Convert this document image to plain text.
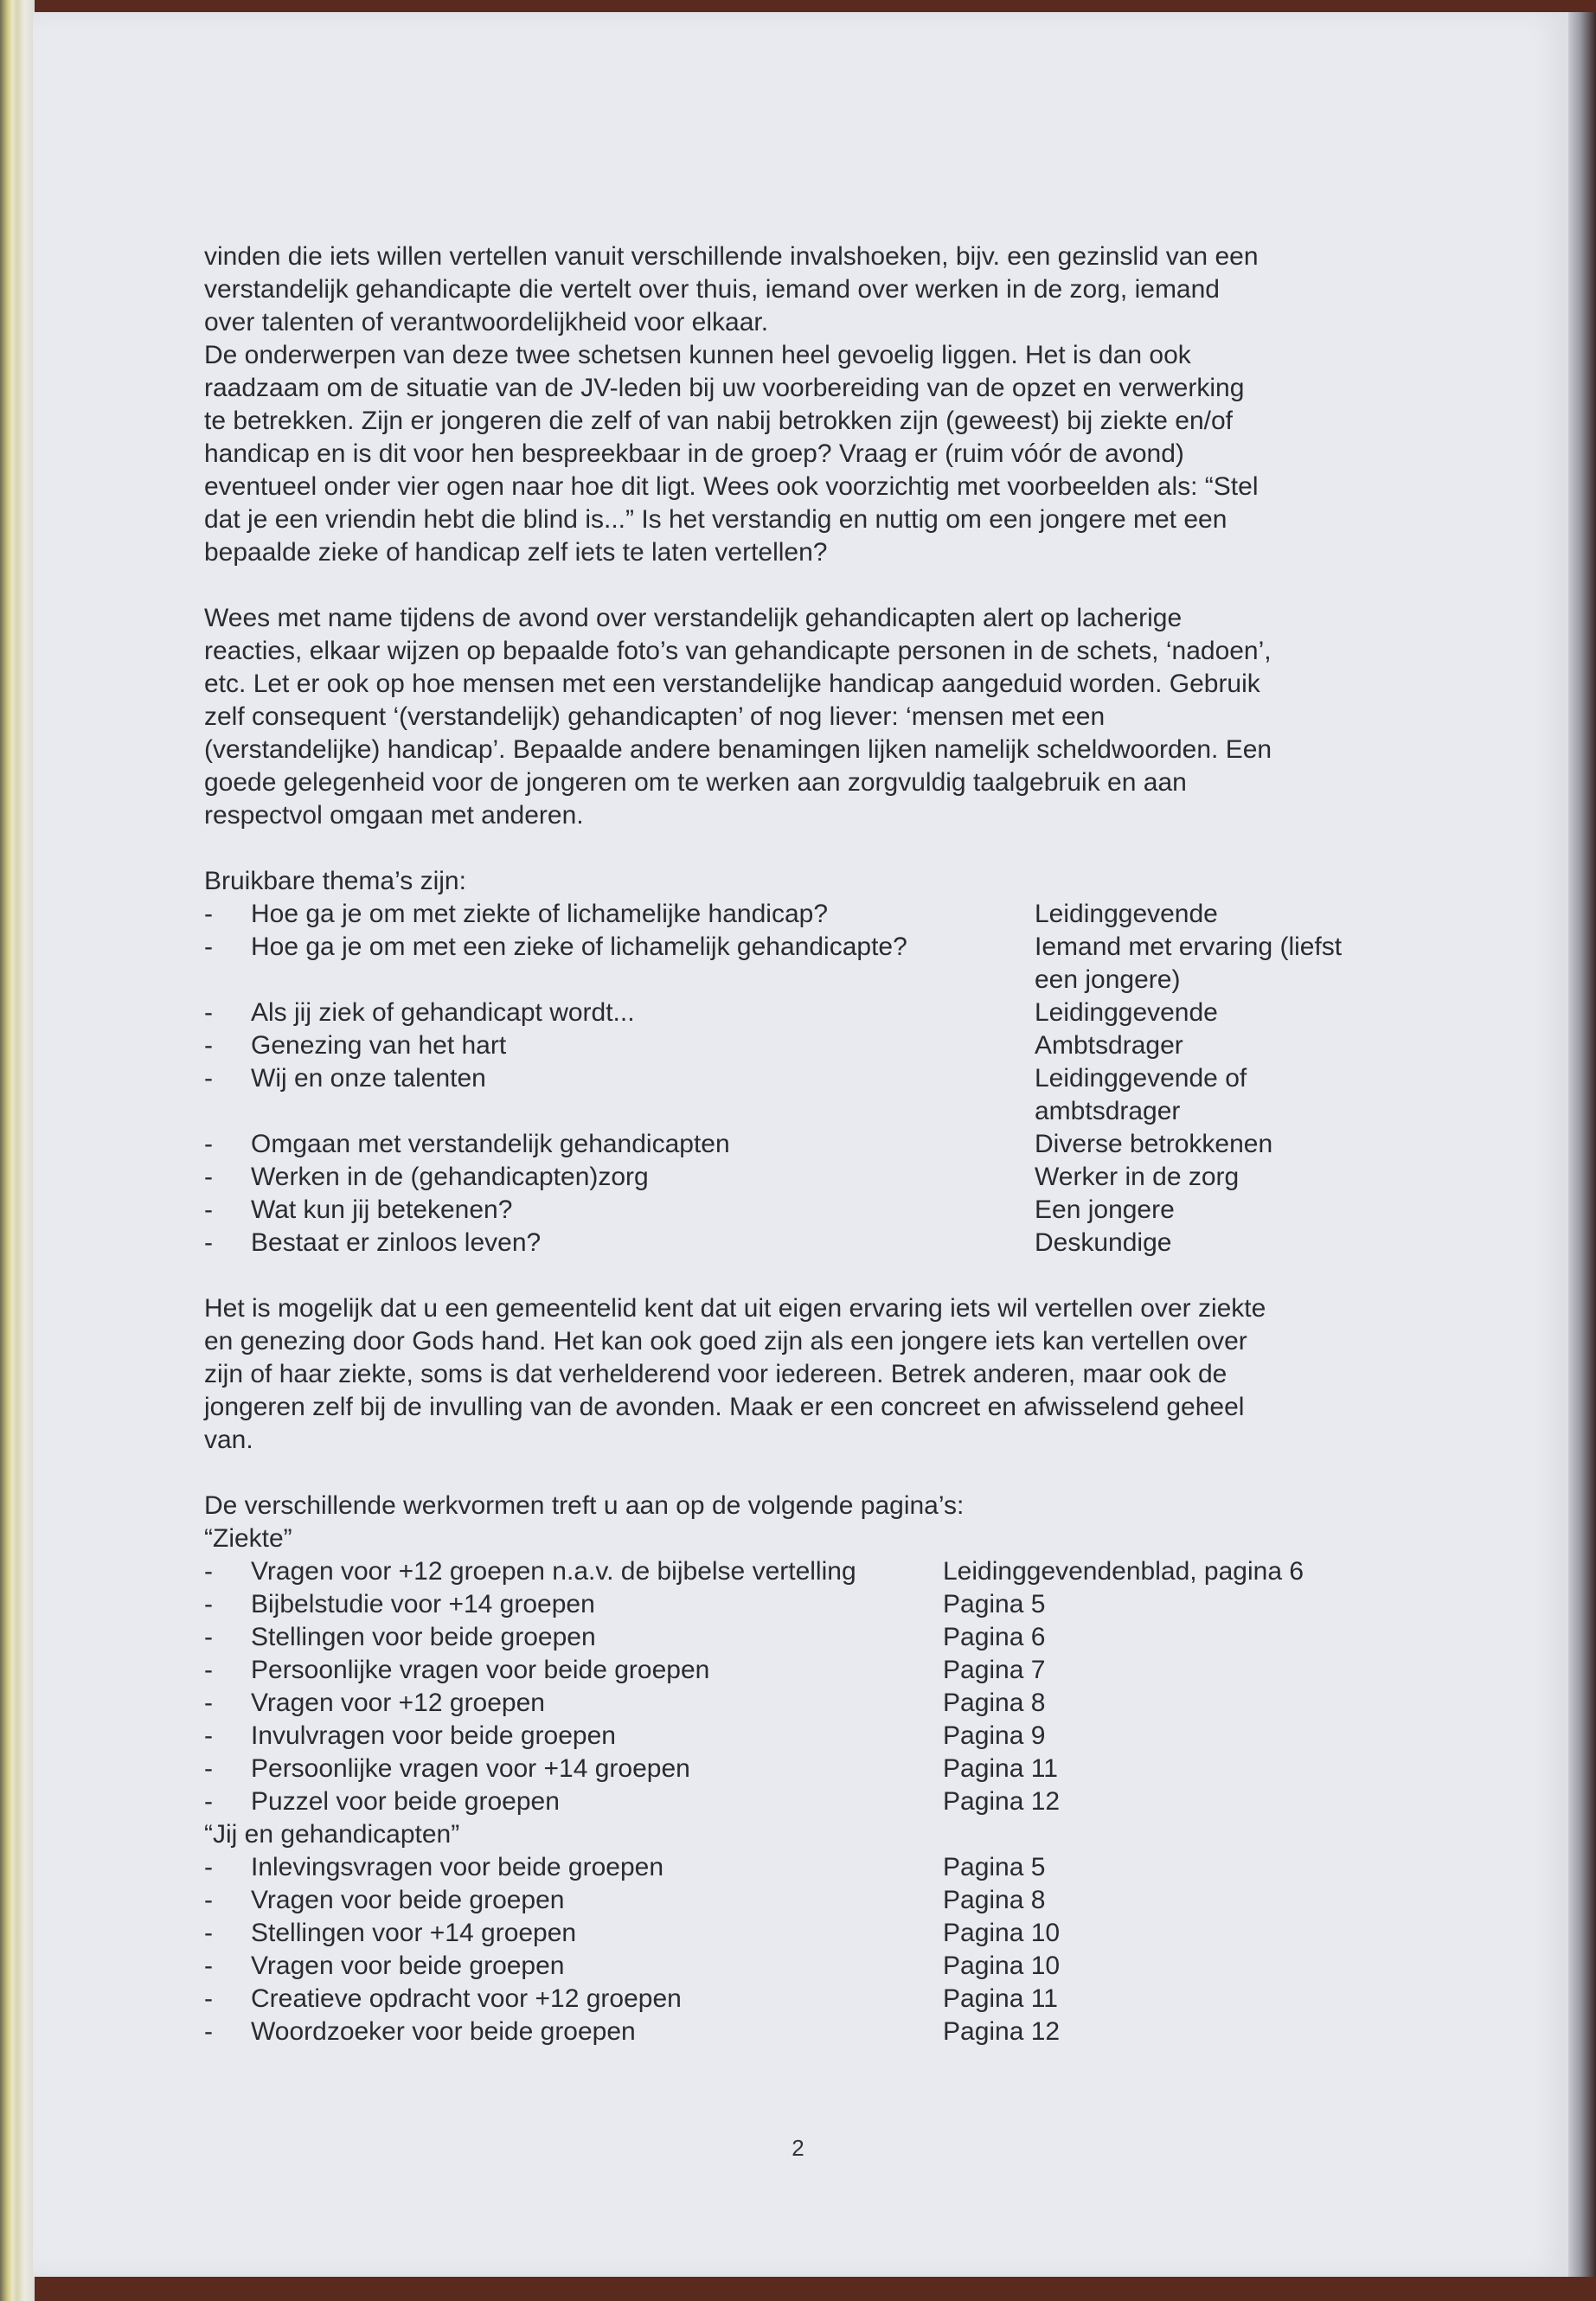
vinden die iets willen vertellen vanuit verschillende invalshoeken, bijv. een gezinslid van een

verstandelijk gehandicapte die vertelt over thuis, iemand over werken in de zorg, iemand

over talenten of verantwoordelijkheid voor elkaar.

De onderwerpen van deze twee schetsen kunnen heel gevoelig liggen. Het is dan ook

raadzaam om de situatie van de JV-leden bij uw voorbereiding van de opzet en verwerking

te betrekken. Zijn er jongeren die zelf of van nabij betrokken zijn (geweest) bij ziekte en/of

handicap en is dit voor hen bespreekbaar in de groep? Vraag er (ruim vóór de avond)

eventueel onder vier ogen naar hoe dit ligt. Wees ook voorzichtig met voorbeelden als: “Stel

dat je een vriendin hebt die blind is...” Is het verstandig en nuttig om een jongere met een

bepaalde zieke of handicap zelf iets te laten vertellen?

Wees met name tijdens de avond over verstandelijk gehandicapten alert op lacherige

reacties, elkaar wijzen op bepaalde foto’s van gehandicapte personen in de schets, ‘nadoen’,

etc. Let er ook op hoe mensen met een verstandelijke handicap aangeduid worden. Gebruik

zelf consequent ‘(verstandelijk) gehandicapten’ of nog liever: ‘mensen met een

(verstandelijke) handicap’. Bepaalde andere benamingen lijken namelijk scheldwoorden. Een

goede gelegenheid voor de jongeren om te werken aan zorgvuldig taalgebruik en aan

respectvol omgaan met anderen.

Bruikbare thema’s zijn:

-	Hoe ga je om met ziekte of lichamelijke handicap?	Leidinggevende
-	Hoe ga je om met een zieke of lichamelijk gehandicapte?	Iemand met ervaring (liefst
een jongere)
-	Als jij ziek of gehandicapt wordt...	Leidinggevende
-	Genezing van het hart	Ambtsdrager
-	Wij en onze talenten	Leidinggevende of
ambtsdrager
-	Omgaan met verstandelijk gehandicapten	Diverse betrokkenen
-	Werken in de (gehandicapten)zorg	Werker in de zorg
-	Wat kun jij betekenen?	Een jongere
-	Bestaat er zinloos leven?	Deskundige

Het is mogelijk dat u een gemeentelid kent dat uit eigen ervaring iets wil vertellen over ziekte

en genezing door Gods hand. Het kan ook goed zijn als een jongere iets kan vertellen over

zijn of haar ziekte, soms is dat verhelderend voor iedereen. Betrek anderen, maar ook de

jongeren zelf bij de invulling van de avonden. Maak er een concreet en afwisselend geheel

van.

De verschillende werkvormen treft u aan op de volgende pagina’s:

“Ziekte”

-	Vragen voor +12 groepen n.a.v. de bijbelse vertelling	Leidinggevendenblad, pagina 6
-	Bijbelstudie voor +14 groepen	Pagina 5
-	Stellingen voor beide groepen	Pagina 6
-	Persoonlijke vragen voor beide groepen	Pagina 7
-	Vragen voor +12 groepen	Pagina 8
-	Invulvragen voor beide groepen	Pagina 9
-	Persoonlijke vragen voor +14 groepen	Pagina 11
-	Puzzel voor beide groepen	Pagina 12

“Jij en gehandicapten”

-	Inlevingsvragen voor beide groepen	Pagina 5
-	Vragen voor beide groepen	Pagina 8
-	Stellingen voor +14 groepen	Pagina 10
-	Vragen voor beide groepen	Pagina 10
-	Creatieve opdracht voor +12 groepen	Pagina 11
-	Woordzoeker voor beide groepen	Pagina 12
2
